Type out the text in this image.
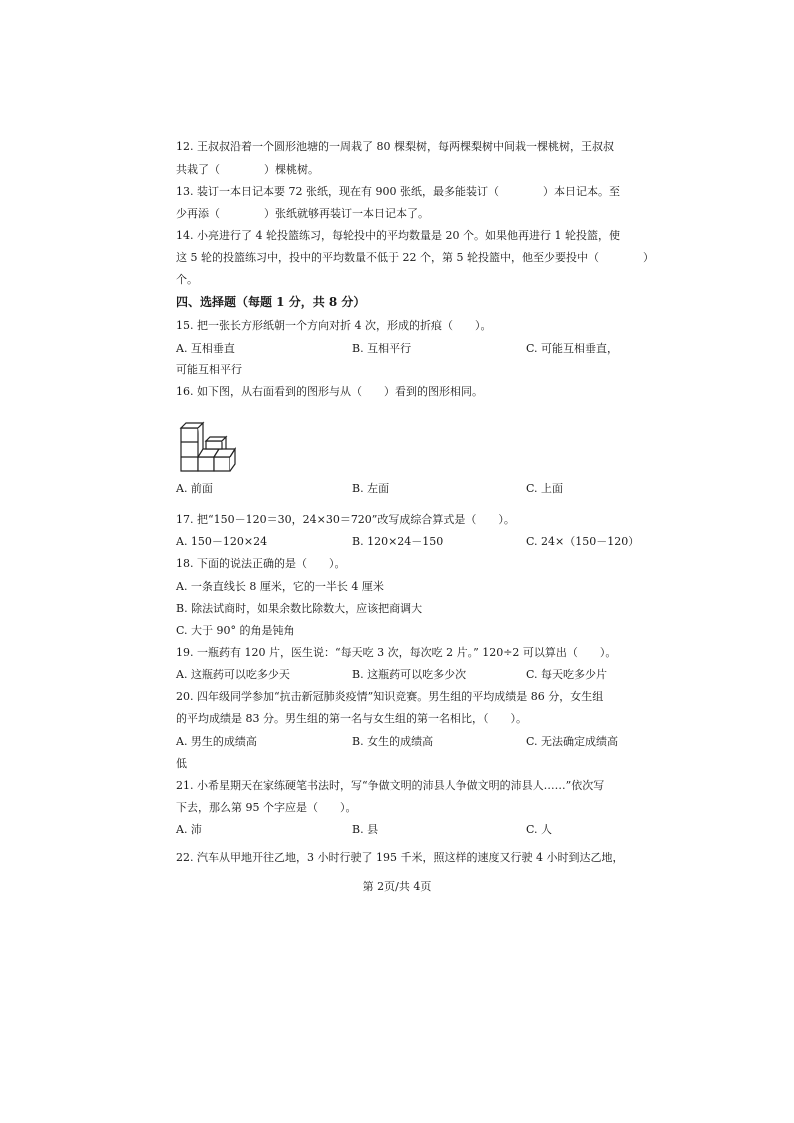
12. 王叔叔沿着一个圆形池塘的一周栽了 80 棵梨树，每两棵梨树中间栽一棵桃树，王叔叔
共栽了（　　　　）棵桃树。
13. 装订一本日记本要 72 张纸，现在有 900 张纸，最多能装订（　　　　）本日记本。至
少再添（　　　　）张纸就够再装订一本日记本了。
14. 小亮进行了 4 轮投篮练习，每轮投中的平均数量是 20 个。如果他再进行 1 轮投篮，使
这 5 轮的投篮练习中，投中的平均数量不低于 22 个，第 5 轮投篮中，他至少要投中（　　　　）
个。
四、选择题（每题 1 分，共 8 分）
15. 把一张长方形纸朝一个方向对折 4 次，形成的折痕（　　）。
A. 互相垂直	B. 互相平行	C. 可能互相垂直，
可能互相平行
16. 如下图，从右面看到的图形与从（　　）看到的图形相同。
A. 前面	B. 左面	C. 上面
17. 把“150－120＝30，24×30＝720”改写成综合算式是（　　）。
A. 150－120×24	B. 120×24－150	C. 24×（150－120）
18. 下面的说法正确的是（　　）。
A. 一条直线长 8 厘米，它的一半长 4 厘米
B. 除法试商时，如果余数比除数大，应该把商调大
C. 大于 90° 的角是钝角
19. 一瓶药有 120 片，医生说：“每天吃 3 次，每次吃 2 片。” 120÷2 可以算出（　　）。
A. 这瓶药可以吃多少天	B. 这瓶药可以吃多少次	C. 每天吃多少片
20. 四年级同学参加“抗击新冠肺炎疫情”知识竞赛。男生组的平均成绩是 86 分，女生组
的平均成绩是 83 分。男生组的第一名与女生组的第一名相比，（　　）。
A. 男生的成绩高	B. 女生的成绩高	C. 无法确定成绩高
低
21. 小希星期天在家练硬笔书法时，写“争做文明的沛县人争做文明的沛县人……”依次写
下去，那么第 95 个字应是（　　）。
A. 沛	B. 县	C. 人
22. 汽车从甲地开往乙地，3 小时行驶了 195 千米，照这样的速度又行驶 4 小时到达乙地，
第 2页/共 4页
